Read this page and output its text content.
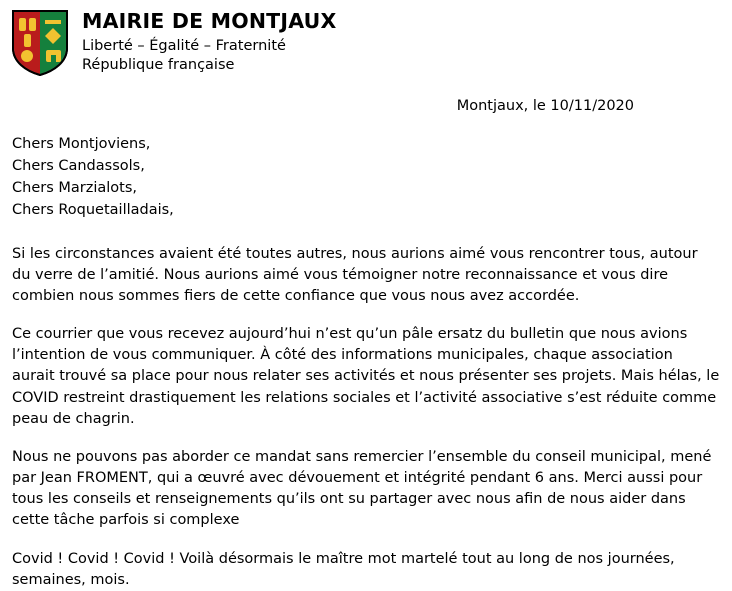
MAIRIE DE MONTJAUX
Liberté – Égalité – Fraternité
République française
Montjaux, le 10/11/2020

Chers Montjoviens,

Chers Candassols,

Chers Marzialots,

Chers Roquetailladais,

Si les circonstances avaient été toutes autres, nous aurions aimé vous rencontrer tous, autour du verre de l’amitié. Nous aurions aimé vous témoigner notre reconnaissance et vous dire combien nous sommes fiers de cette confiance que vous nous avez accordée.

Ce courrier que vous recevez aujourd’hui n’est qu’un pâle ersatz du bulletin que nous avions l’intention de vous communiquer. À côté des informations municipales, chaque association aurait trouvé sa place pour nous relater ses activités et nous présenter ses projets. Mais hélas, le COVID restreint drastiquement les relations sociales et l’activité associative s’est réduite comme peau de chagrin.

Nous ne pouvons pas aborder ce mandat sans remercier l’ensemble du conseil municipal, mené par Jean FROMENT, qui a œuvré avec dévouement et intégrité pendant 6 ans. Merci aussi pour tous les conseils et renseignements qu’ils ont su partager avec nous afin de nous aider dans cette tâche parfois si complexe

Covid ! Covid ! Covid ! Voilà désormais le maître mot martelé tout au long de nos journées, semaines, mois.
